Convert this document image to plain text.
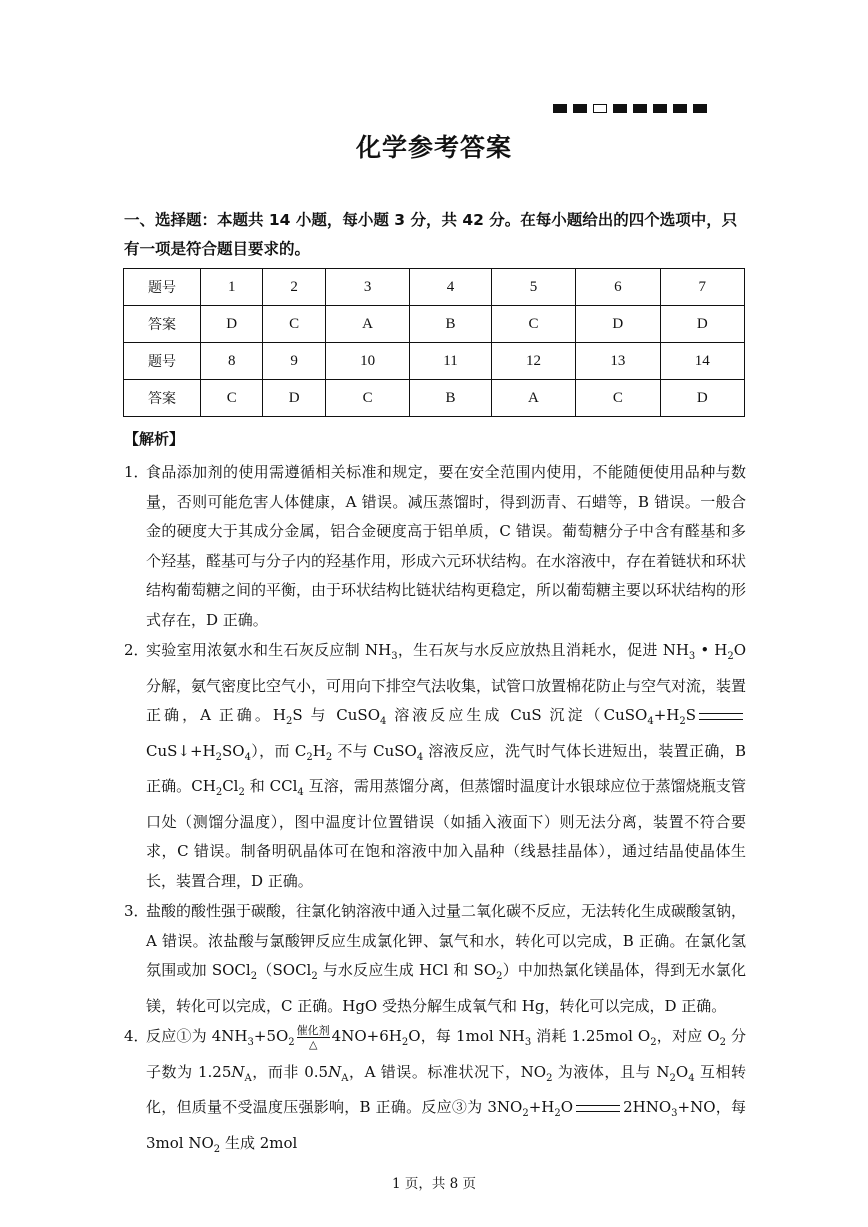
化学参考答案
一、选择题：本题共 14 小题，每小题 3 分，共 42 分。在每小题给出的四个选项中，只有一项是符合题目要求的。
题号	1	2	3	4	5	6	7
答案	D	C	A	B	C	D	D
题号	8	9	10	11	12	13	14
答案	C	D	C	B	A	C	D
【解析】
1．
食品添加剂的使用需遵循相关标准和规定，要在安全范围内使用，不能随便使用品种与数量，否则可能危害人体健康，A 错误。减压蒸馏时，得到沥青、石蜡等，B 错误。一般合金的硬度大于其成分金属，铝合金硬度高于铝单质，C 错误。葡萄糖分子中含有醛基和多个羟基，醛基可与分子内的羟基作用，形成六元环状结构。在水溶液中，存在着链状和环状结构葡萄糖之间的平衡，由于环状结构比链状结构更稳定，所以葡萄糖主要以环状结构的形式存在，D 正确。
2．
实验室用浓氨水和生石灰反应制 $NH_3$，生石灰与水反应放热且消耗水，促进 $NH_3$ • $H_2O$ 分解，氨气密度比空气小，可用向下排空气法收集，试管口放置棉花防止与空气对流，装置正确，A 正确。$H_2S$ 与 CuSO$_4$ 溶液反应生成 CuS 沉淀$(CuSO_4+H_2SCuS↓+H_2SO_4)$，而 $C_2H_2$ 不与 CuSO$_4$ 溶液反应，洗气时气体长进短出，装置正确，B 正确。$CH_2Cl_2$ 和 CCl$_4$ 互溶，需用蒸馏分离，但蒸馏时温度计水银球应位于蒸馏烧瓶支管口处（测馏分温度），图中温度计位置错误（如插入液面下）则无法分离，装置不符合要求，C 错误。制备明矾晶体可在饱和溶液中加入晶种（线悬挂晶体），通过结晶使晶体生长，装置合理，D 正确。
3．
盐酸的酸性强于碳酸，往氯化钠溶液中通入过量二氧化碳不反应，无法转化生成碳酸氢钠，A 错误。浓盐酸与氯酸钾反应生成氯化钾、氯气和水，转化可以完成，B 正确。在氯化氢氛围或加 SOCl$_2$（SOCl$_2$ 与水反应生成 HCl 和 $SO_2$）中加热氯化镁晶体，得到无水氯化镁，转化可以完成，C 正确。HgO 受热分解生成氧气和 Hg，转化可以完成，D 正确。
4．
反应①为 $4NH_3+5O_2$
催化剂
△ $4NO+6H_2O$，每 1mol $NH_3$ 消耗 1.25mol $O_2$，对应 $O_2$ 分子数为 $1.25N_A$，而非 $0.5N_A$，A 错误。标准状况下，$NO_2$ 为液体，且与 $N_2O_4$ 互相转化，但质量不受温度压强影响，B 正确。反应③为 $3NO_2+H_2O$	$2HNO_3+NO$，每 3mol $NO_2$ 生成 2mol
1 页，共 8 页
